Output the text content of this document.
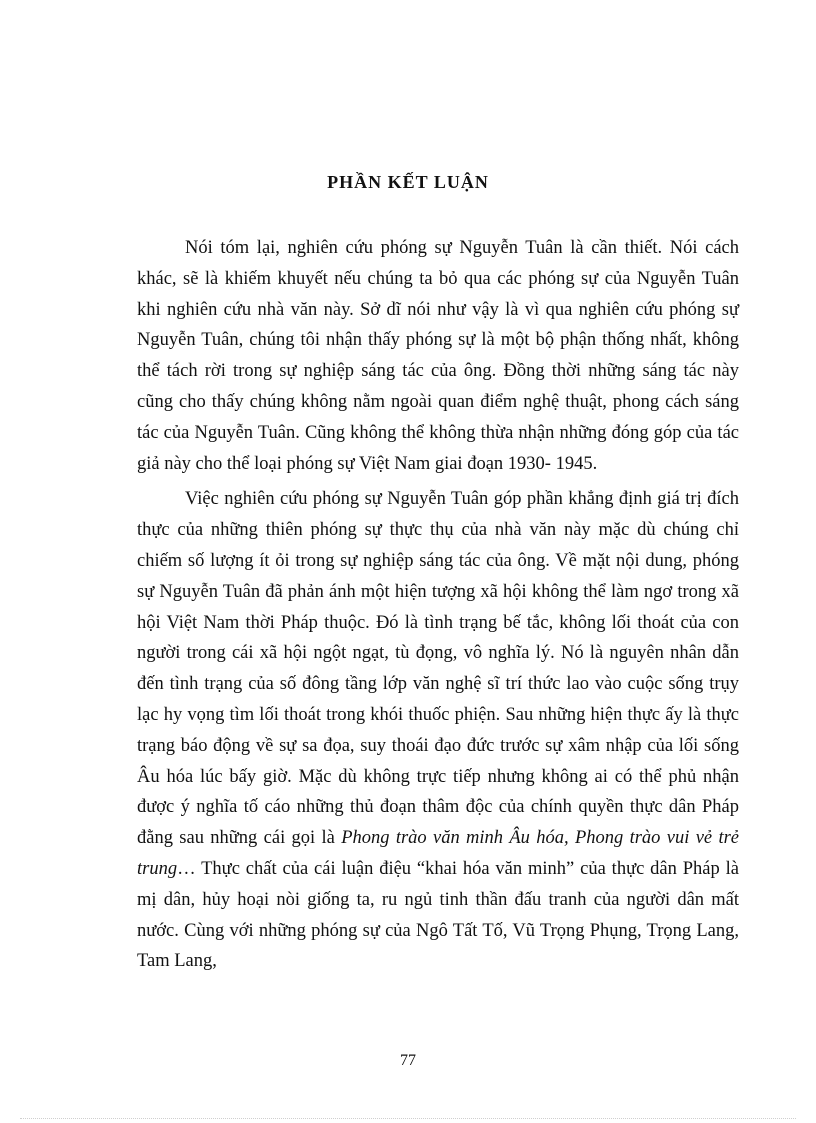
PHẦN KẾT LUẬN

Nói tóm lại, nghiên cứu phóng sự Nguyễn Tuân là cần thiết. Nói cách khác, sẽ là khiếm khuyết nếu chúng ta bỏ qua các phóng sự của Nguyễn Tuân khi nghiên cứu nhà văn này. Sở dĩ nói như vậy là vì qua nghiên cứu phóng sự Nguyễn Tuân, chúng tôi nhận thấy phóng sự là một bộ phận thống nhất, không thể tách rời trong sự nghiệp sáng tác của ông. Đồng thời những sáng tác này cũng cho thấy chúng không nằm ngoài quan điểm nghệ thuật, phong cách sáng tác của Nguyễn Tuân. Cũng không thể không thừa nhận những đóng góp của tác giả này cho thể loại phóng sự Việt Nam giai đoạn 1930- 1945.

Việc nghiên cứu phóng sự Nguyễn Tuân góp phần khẳng định giá trị đích thực của những thiên phóng sự thực thụ của nhà văn này mặc dù chúng chỉ chiếm số lượng ít ỏi trong sự nghiệp sáng tác của ông. Về mặt nội dung, phóng sự Nguyễn Tuân đã phản ánh một hiện tượng xã hội không thể làm ngơ trong xã hội Việt Nam thời Pháp thuộc. Đó là tình trạng bế tắc, không lối thoát của con người trong cái xã hội ngột ngạt, tù đọng, vô nghĩa lý. Nó là nguyên nhân dẫn đến tình trạng của số đông tầng lớp văn nghệ sĩ trí thức lao vào cuộc sống trụy lạc hy vọng tìm lối thoát trong khói thuốc phiện. Sau những hiện thực ấy là thực trạng báo động về sự sa đọa, suy thoái đạo đức trước sự xâm nhập của lối sống Âu hóa lúc bấy giờ. Mặc dù không trực tiếp nhưng không ai có thể phủ nhận được ý nghĩa tố cáo những thủ đoạn thâm độc của chính quyền thực dân Pháp đằng sau những cái gọi là Phong trào văn minh Âu hóa, Phong trào vui vẻ trẻ trung… Thực chất của cái luận điệu “khai hóa văn minh” của thực dân Pháp là mị dân, hủy hoại nòi giống ta, ru ngủ tinh thần đấu tranh của người dân mất nước. Cùng với những phóng sự của Ngô Tất Tố, Vũ Trọng Phụng, Trọng Lang, Tam Lang,

77
